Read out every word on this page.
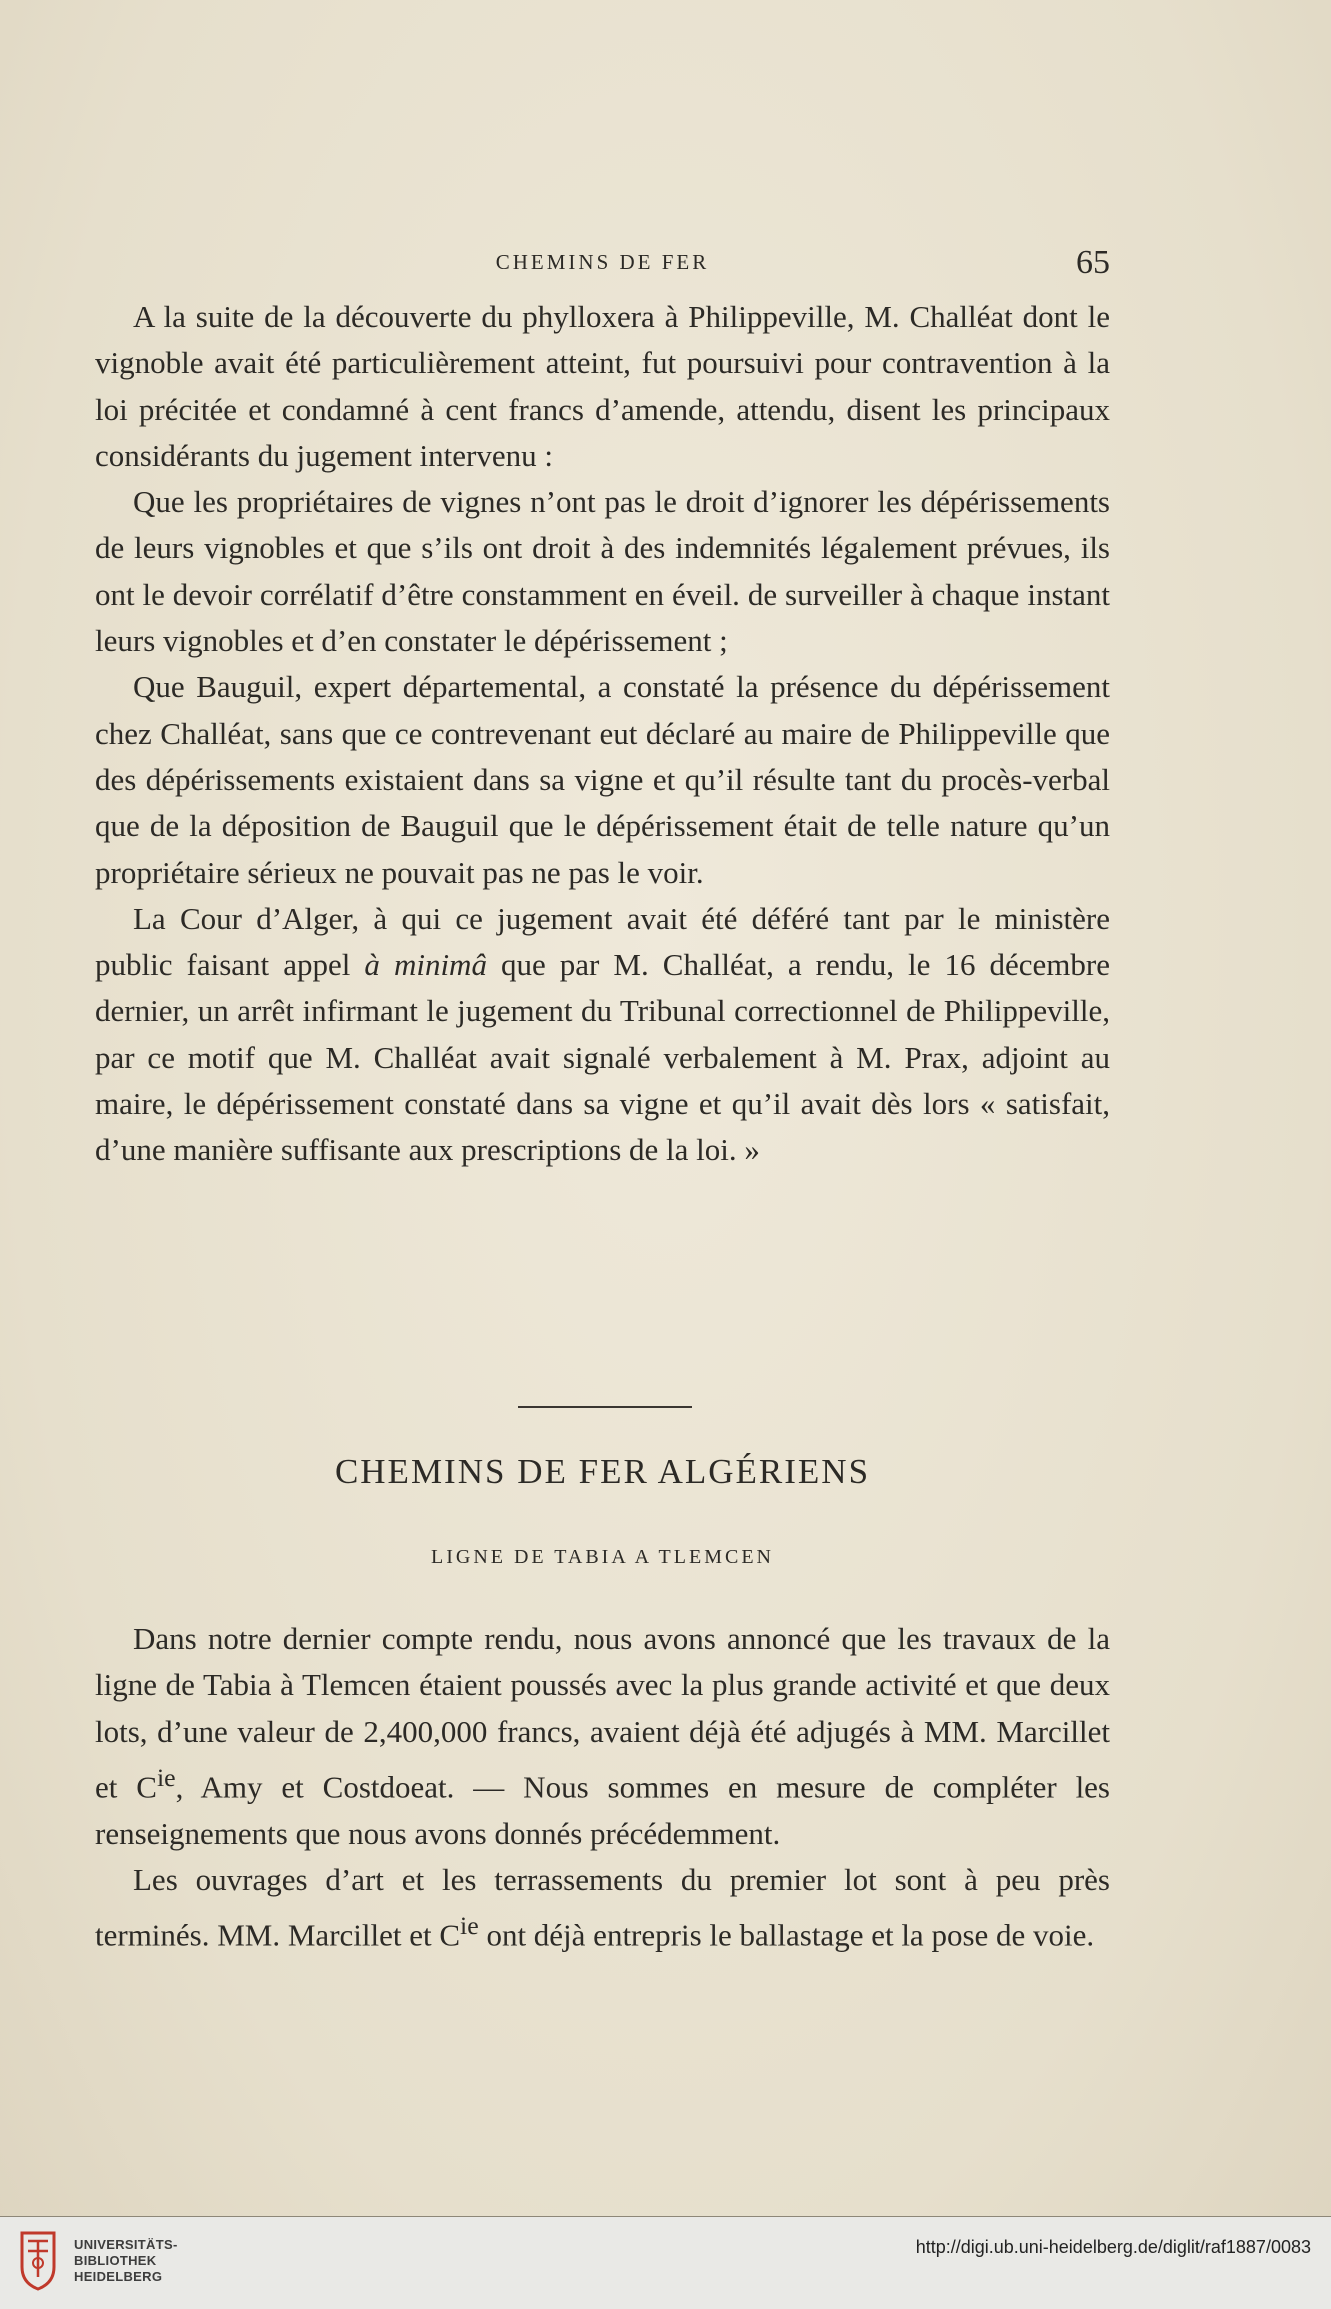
CHEMINS DE FER	65

A la suite de la découverte du phylloxera à Philippeville, M. Challéat dont le vignoble avait été particulièrement atteint, fut poursuivi pour contravention à la loi précitée et condamné à cent francs d’amende, attendu, disent les principaux considérants du jugement intervenu :

Que les propriétaires de vignes n’ont pas le droit d’ignorer les dépérissements de leurs vignobles et que s’ils ont droit à des indemnités légalement prévues, ils ont le devoir corrélatif d’être constamment en éveil. de surveiller à chaque instant leurs vignobles et d’en constater le dépérissement ;

Que Bauguil, expert départemental, a constaté la présence du dépérissement chez Challéat, sans que ce contrevenant eut déclaré au maire de Philippeville que des dépérissements existaient dans sa vigne et qu’il résulte tant du procès-verbal que de la déposition de Bauguil que le dépérissement était de telle nature qu’un propriétaire sérieux ne pouvait pas ne pas le voir.

La Cour d’Alger, à qui ce jugement avait été déféré tant par le ministère public faisant appel à minimâ que par M. Challéat, a rendu, le 16 décembre dernier, un arrêt infirmant le jugement du Tribunal correctionnel de Philippeville, par ce motif que M. Challéat avait signalé verbalement à M. Prax, adjoint au maire, le dépérissement constaté dans sa vigne et qu’il avait dès lors « satisfait, d’une manière suffisante aux prescriptions de la loi. »

CHEMINS DE FER ALGÉRIENS
LIGNE DE TABIA A TLEMCEN

Dans notre dernier compte rendu, nous avons annoncé que les travaux de la ligne de Tabia à Tlemcen étaient poussés avec la plus grande activité et que deux lots, d’une valeur de 2,400,000 francs, avaient déjà été adjugés à MM. Marcillet et $C^{ie}$, Amy et Costdoeat. — Nous sommes en mesure de compléter les renseignements que nous avons donnés précédemment.

Les ouvrages d’art et les terrassements du premier lot sont à peu près terminés. MM. Marcillet et $C^{ie}$ ont déjà entrepris le ballastage et la pose de voie.

UNIVERSITÄTS-
BIBLIOTHEK
HEIDELBERG
http://digi.ub.uni-heidelberg.de/diglit/raf1887/0083
